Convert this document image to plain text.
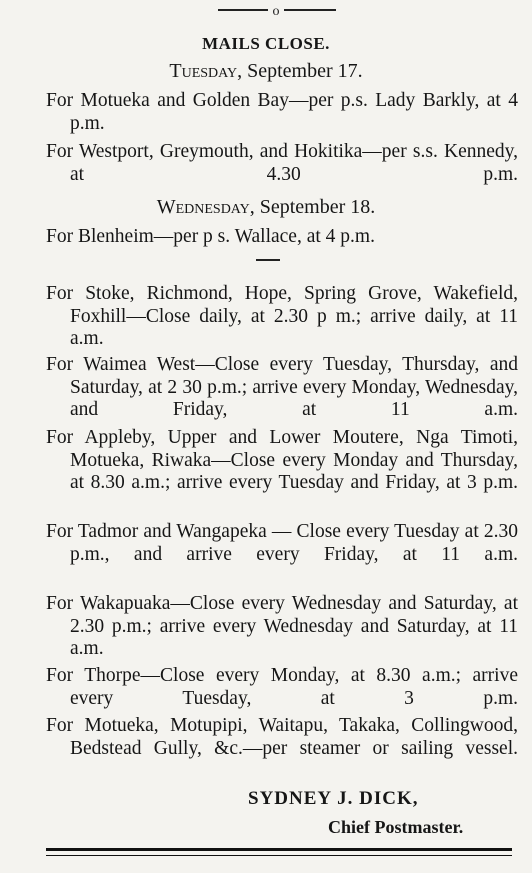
o
MAILS CLOSE.
Tuesday, September 17.
For Motueka and Golden Bay—per p.s. Lady Barkly, at 4 p.m.
For Westport, Greymouth, and Hokitika—per s.s. Kennedy, at 4.30 p.m.
Wednesday, September 18.
For Blenheim—per p s. Wallace, at 4 p.m.
For Stoke, Richmond, Hope, Spring Grove, Wakefield, Foxhill—Close daily, at 2.30 p m.; arrive daily, at 11 a.m.
For Waimea West—Close every Tuesday, Thursday, and Saturday, at 2 30 p.m.; arrive every Monday, Wednesday, and Friday, at 11 a.m.
For Appleby, Upper and Lower Moutere, Nga Timoti, Motueka, Riwaka—Close every Monday and Thursday, at 8.30 a.m.; arrive every Tuesday and Friday, at 3 p.m.
For Tadmor and Wangapeka — Close every Tuesday at 2.30 p.m., and arrive every Friday, at 11 a.m.
For Wakapuaka—Close every Wednesday and Saturday, at 2.30 p.m.; arrive every Wednesday and Saturday, at 11 a.m.
For Thorpe—Close every Monday, at 8.30 a.m.; arrive every Tuesday, at 3 p.m.
For Motueka, Motupipi, Waitapu, Takaka, Collingwood, Bedstead Gully, &c.—per steamer or sailing vessel.
SYDNEY J. DICK,
Chief Postmaster.
